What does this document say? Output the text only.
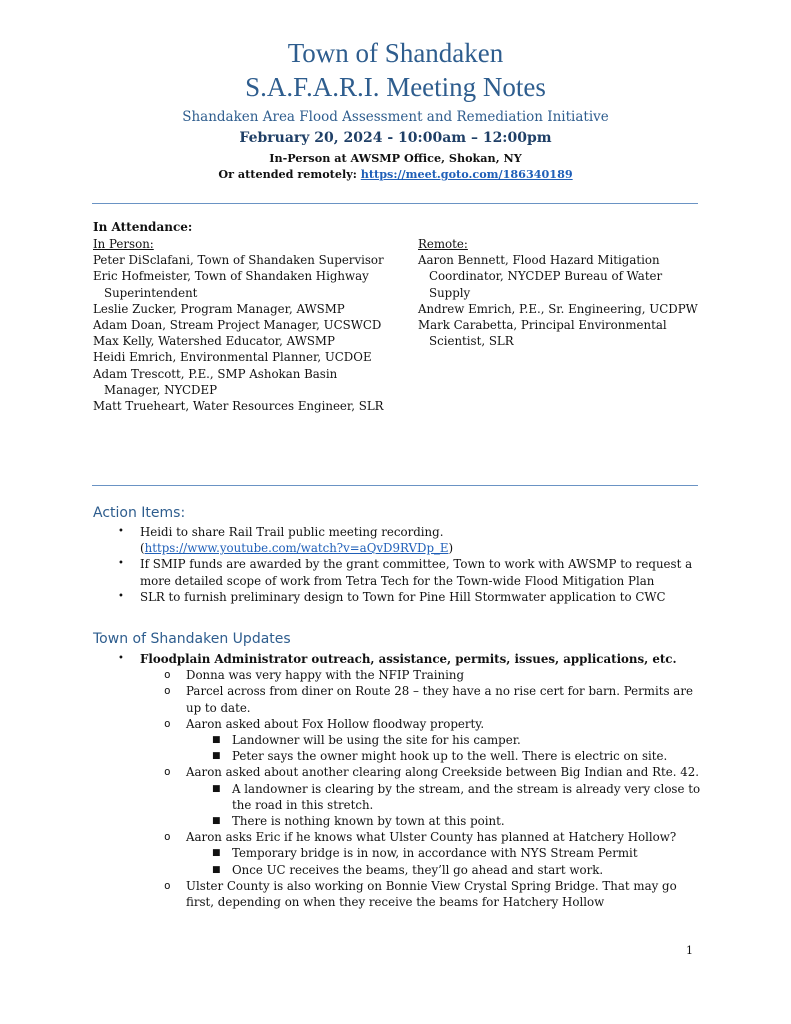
Town of Shandaken
S.A.F.A.R.I. Meeting Notes
Shandaken Area Flood Assessment and Remediation Initiative
February 20, 2024 - 10:00am – 12:00pm
In-Person at AWSMP Office, Shokan, NY
Or attended remotely: https://meet.goto.com/186340189
In Attendance:
In Person:
Peter DiSclafani, Town of Shandaken Supervisor
Eric Hofmeister, Town of Shandaken Highway Superintendent
Leslie Zucker, Program Manager, AWSMP
Adam Doan, Stream Project Manager, UCSWCD
Max Kelly, Watershed Educator, AWSMP
Heidi Emrich, Environmental Planner, UCDOE
Adam Trescott, P.E., SMP Ashokan Basin Manager, NYCDEP
Matt Trueheart, Water Resources Engineer, SLR
Remote:
Aaron Bennett, Flood Hazard Mitigation Coordinator, NYCDEP Bureau of Water Supply
Andrew Emrich, P.E., Sr. Engineering, UCDPW
Mark Carabetta, Principal Environmental Scientist, SLR
Action Items:
• Heidi to share Rail Trail public meeting recording.
(https://www.youtube.com/watch?v=aQvD9RVDp_E)
• If SMIP funds are awarded by the grant committee, Town to work with AWSMP to request a more detailed scope of work from Tetra Tech for the Town-wide Flood Mitigation Plan
• SLR to furnish preliminary design to Town for Pine Hill Stormwater application to CWC
Town of Shandaken Updates
• Floodplain Administrator outreach, assistance, permits, issues, applications, etc.
o Donna was very happy with the NFIP Training
o Parcel across from diner on Route 28 – they have a no rise cert for barn. Permits are up to date.
o Aaron asked about Fox Hollow floodway property.
■ Landowner will be using the site for his camper.
■ Peter says the owner might hook up to the well. There is electric on site.
o Aaron asked about another clearing along Creekside between Big Indian and Rte. 42.
■ A landowner is clearing by the stream, and the stream is already very close to the road in this stretch.
■ There is nothing known by town at this point.
o Aaron asks Eric if he knows what Ulster County has planned at Hatchery Hollow?
■ Temporary bridge is in now, in accordance with NYS Stream Permit
■ Once UC receives the beams, they’ll go ahead and start work.
o Ulster County is also working on Bonnie View Crystal Spring Bridge. That may go first, depending on when they receive the beams for Hatchery Hollow
1
